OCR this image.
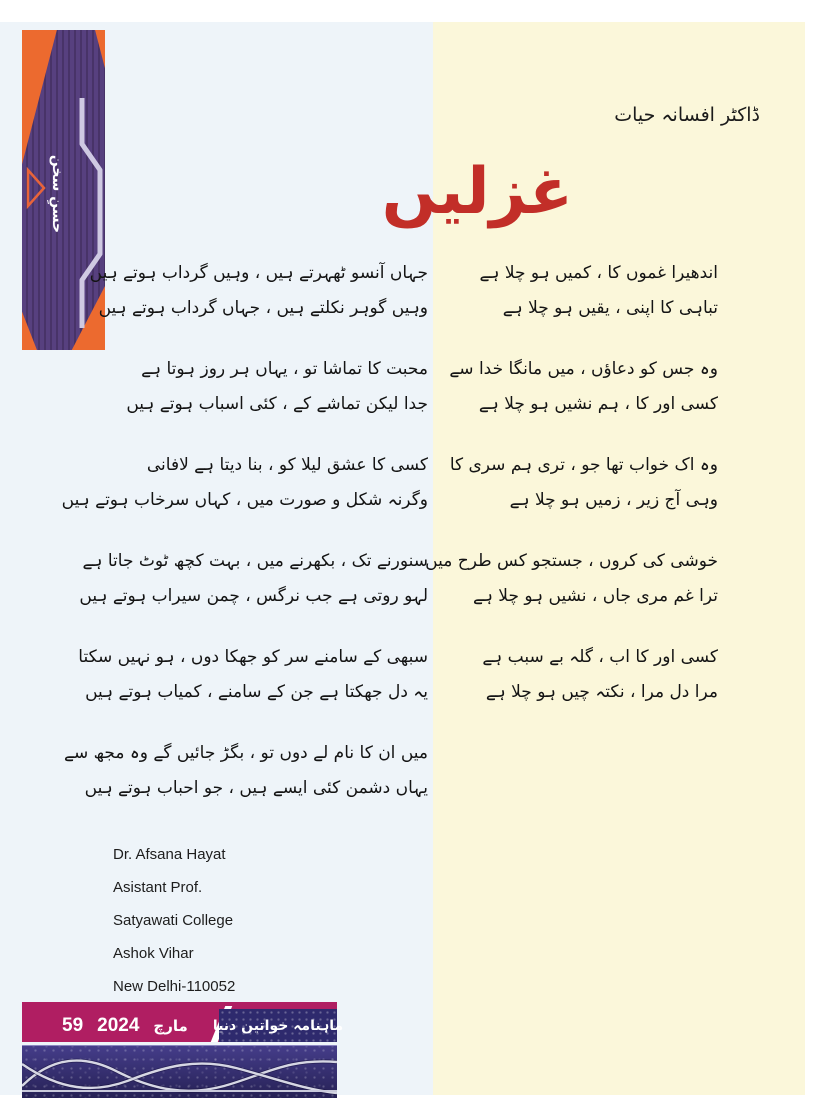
حسنِ سخن
ڈاکٹر افسانہ حیات
غزلیں
جہاں آنسو ٹھہرتے ہیں ، وہیں گرداب ہوتے ہیں
وہیں گوہر نکلتے ہیں ، جہاں گرداب ہوتے ہیں
محبت کا تماشا تو ، یہاں ہر روز ہوتا ہے
جدا لیکن تماشے کے ، کئی اسباب ہوتے ہیں
کسی کا عشق لیلا کو ، بنا دیتا ہے لافانی
وگرنہ شکل و صورت میں ، کہاں سرخاب ہوتے ہیں
سنورنے تک ، بکھرنے میں ، بہت کچھ ٹوٹ جاتا ہے
لہو روتی ہے جب نرگس ، چمن سیراب ہوتے ہیں
سبھی کے سامنے سر کو جھکا دوں ، ہو نہیں سکتا
یہ دل جھکتا ہے جن کے سامنے ، کمیاب ہوتے ہیں
میں ان کا نام لے دوں تو ، بگڑ جائیں گے وہ مجھ سے
یہاں دشمن کئی ایسے ہیں ، جو احباب ہوتے ہیں
اندھیرا غموں کا ، کمیں ہو چلا ہے
تباہی کا اپنی ، یقیں ہو چلا ہے
وہ جس کو دعاؤں ، میں مانگا خدا سے
کسی اور کا ، ہم نشیں ہو چلا ہے
وہ اک خواب تھا جو ، تری ہم سری کا
وہی آج زیر ، زمیں ہو چلا ہے
خوشی کی کروں ، جستجو کس طرح میں
ترا غم مری جاں ، نشیں ہو چلا ہے
کسی اور کا اب ، گلہ بے سبب ہے
مرا دل مرا ، نکتہ چیں ہو چلا ہے
Dr. Afsana Hayat
Asistant Prof.
Satyawati College
Ashok Vihar
New Delhi-110052
59 2024 مارچ ماہنامہ خواتین دنیا
